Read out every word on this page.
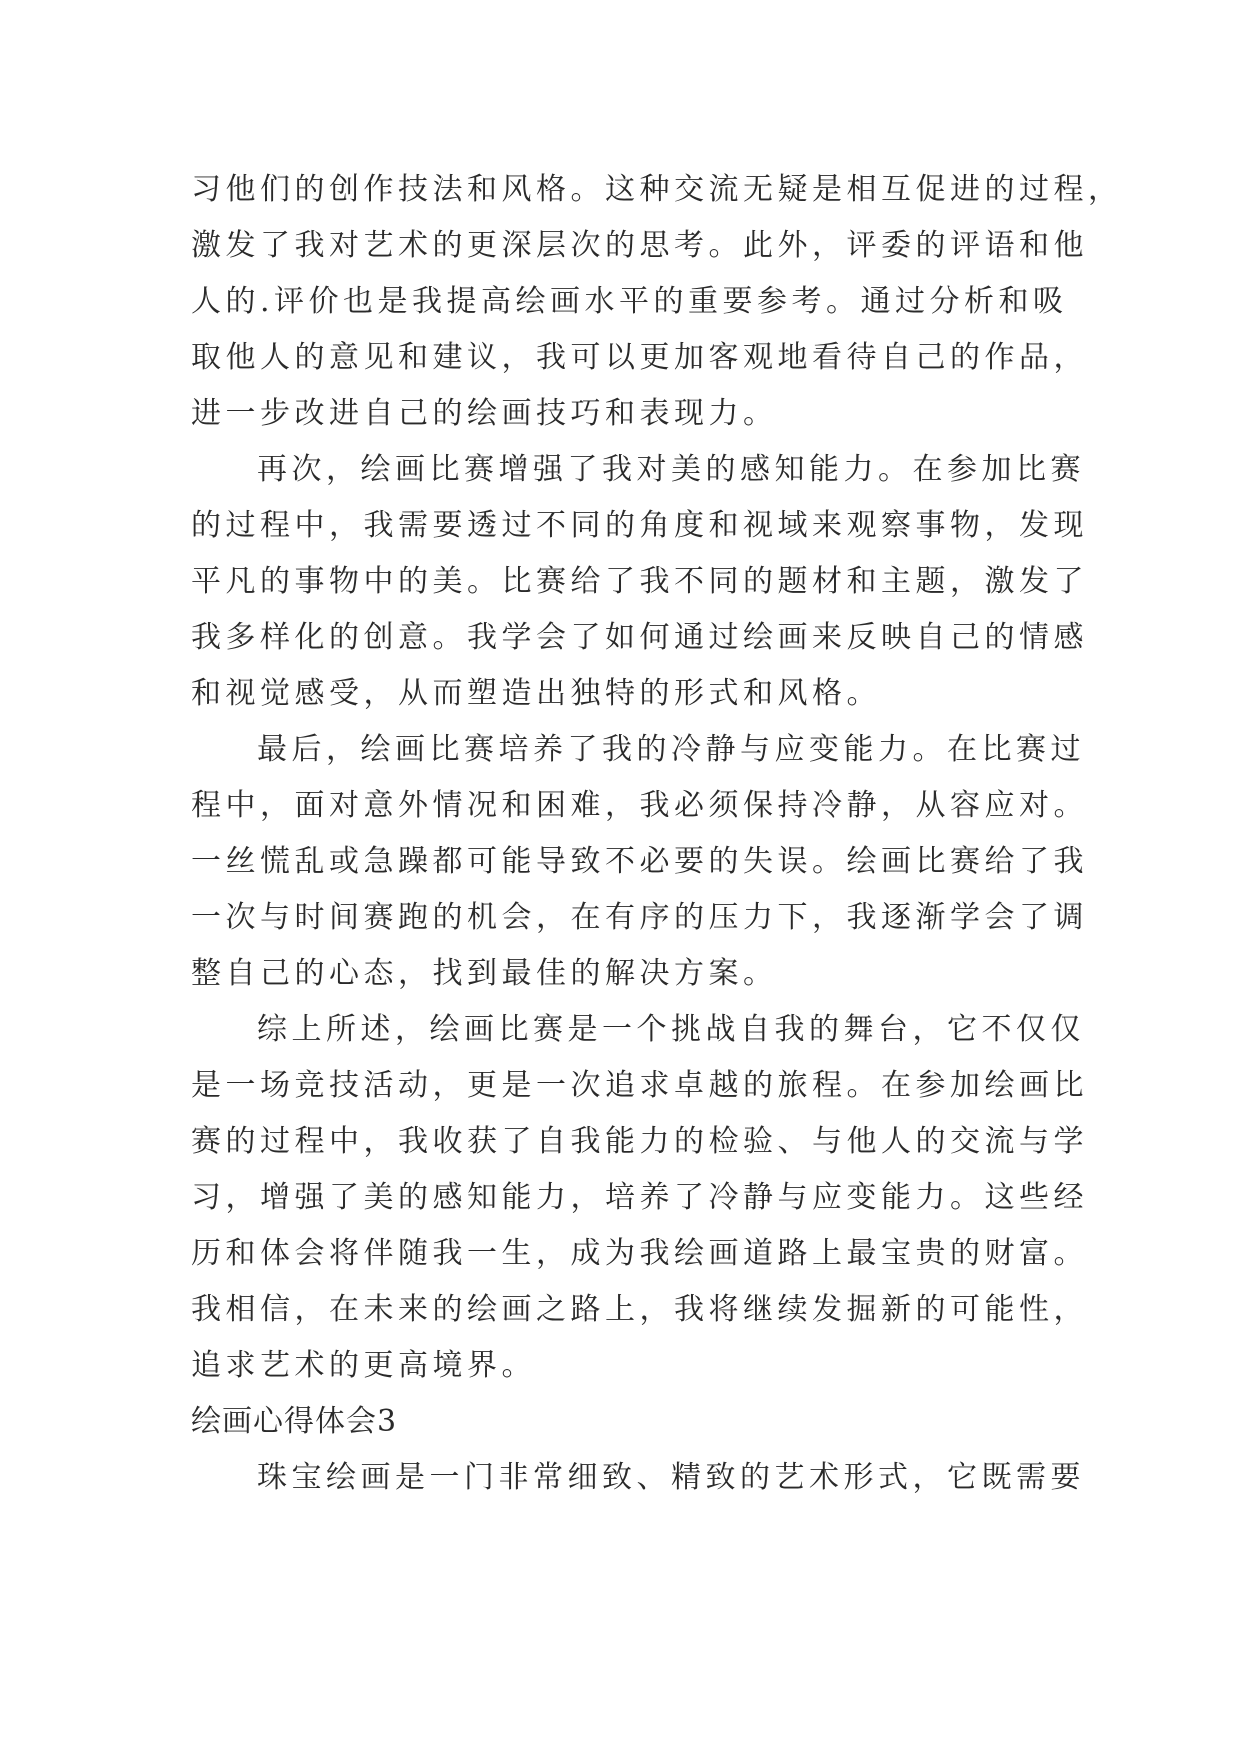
习他们的创作技法和风格。这种交流无疑是相互促进的过程，
激发了我对艺术的更深层次的思考。此外，评委的评语和他
人的.评价也是我提高绘画水平的重要参考。通过分析和吸
取他人的意见和建议，我可以更加客观地看待自己的作品，
进一步改进自己的绘画技巧和表现力。
再次，绘画比赛增强了我对美的感知能力。在参加比赛
的过程中，我需要透过不同的角度和视域来观察事物，发现
平凡的事物中的美。比赛给了我不同的题材和主题，激发了
我多样化的创意。我学会了如何通过绘画来反映自己的情感
和视觉感受，从而塑造出独特的形式和风格。
最后，绘画比赛培养了我的冷静与应变能力。在比赛过
程中，面对意外情况和困难，我必须保持冷静，从容应对。
一丝慌乱或急躁都可能导致不必要的失误。绘画比赛给了我
一次与时间赛跑的机会，在有序的压力下，我逐渐学会了调
整自己的心态，找到最佳的解决方案。
综上所述，绘画比赛是一个挑战自我的舞台，它不仅仅
是一场竞技活动，更是一次追求卓越的旅程。在参加绘画比
赛的过程中，我收获了自我能力的检验、与他人的交流与学
习，增强了美的感知能力，培养了冷静与应变能力。这些经
历和体会将伴随我一生，成为我绘画道路上最宝贵的财富。
我相信，在未来的绘画之路上，我将继续发掘新的可能性，
追求艺术的更高境界。
绘画心得体会3
珠宝绘画是一门非常细致、精致的艺术形式，它既需要
